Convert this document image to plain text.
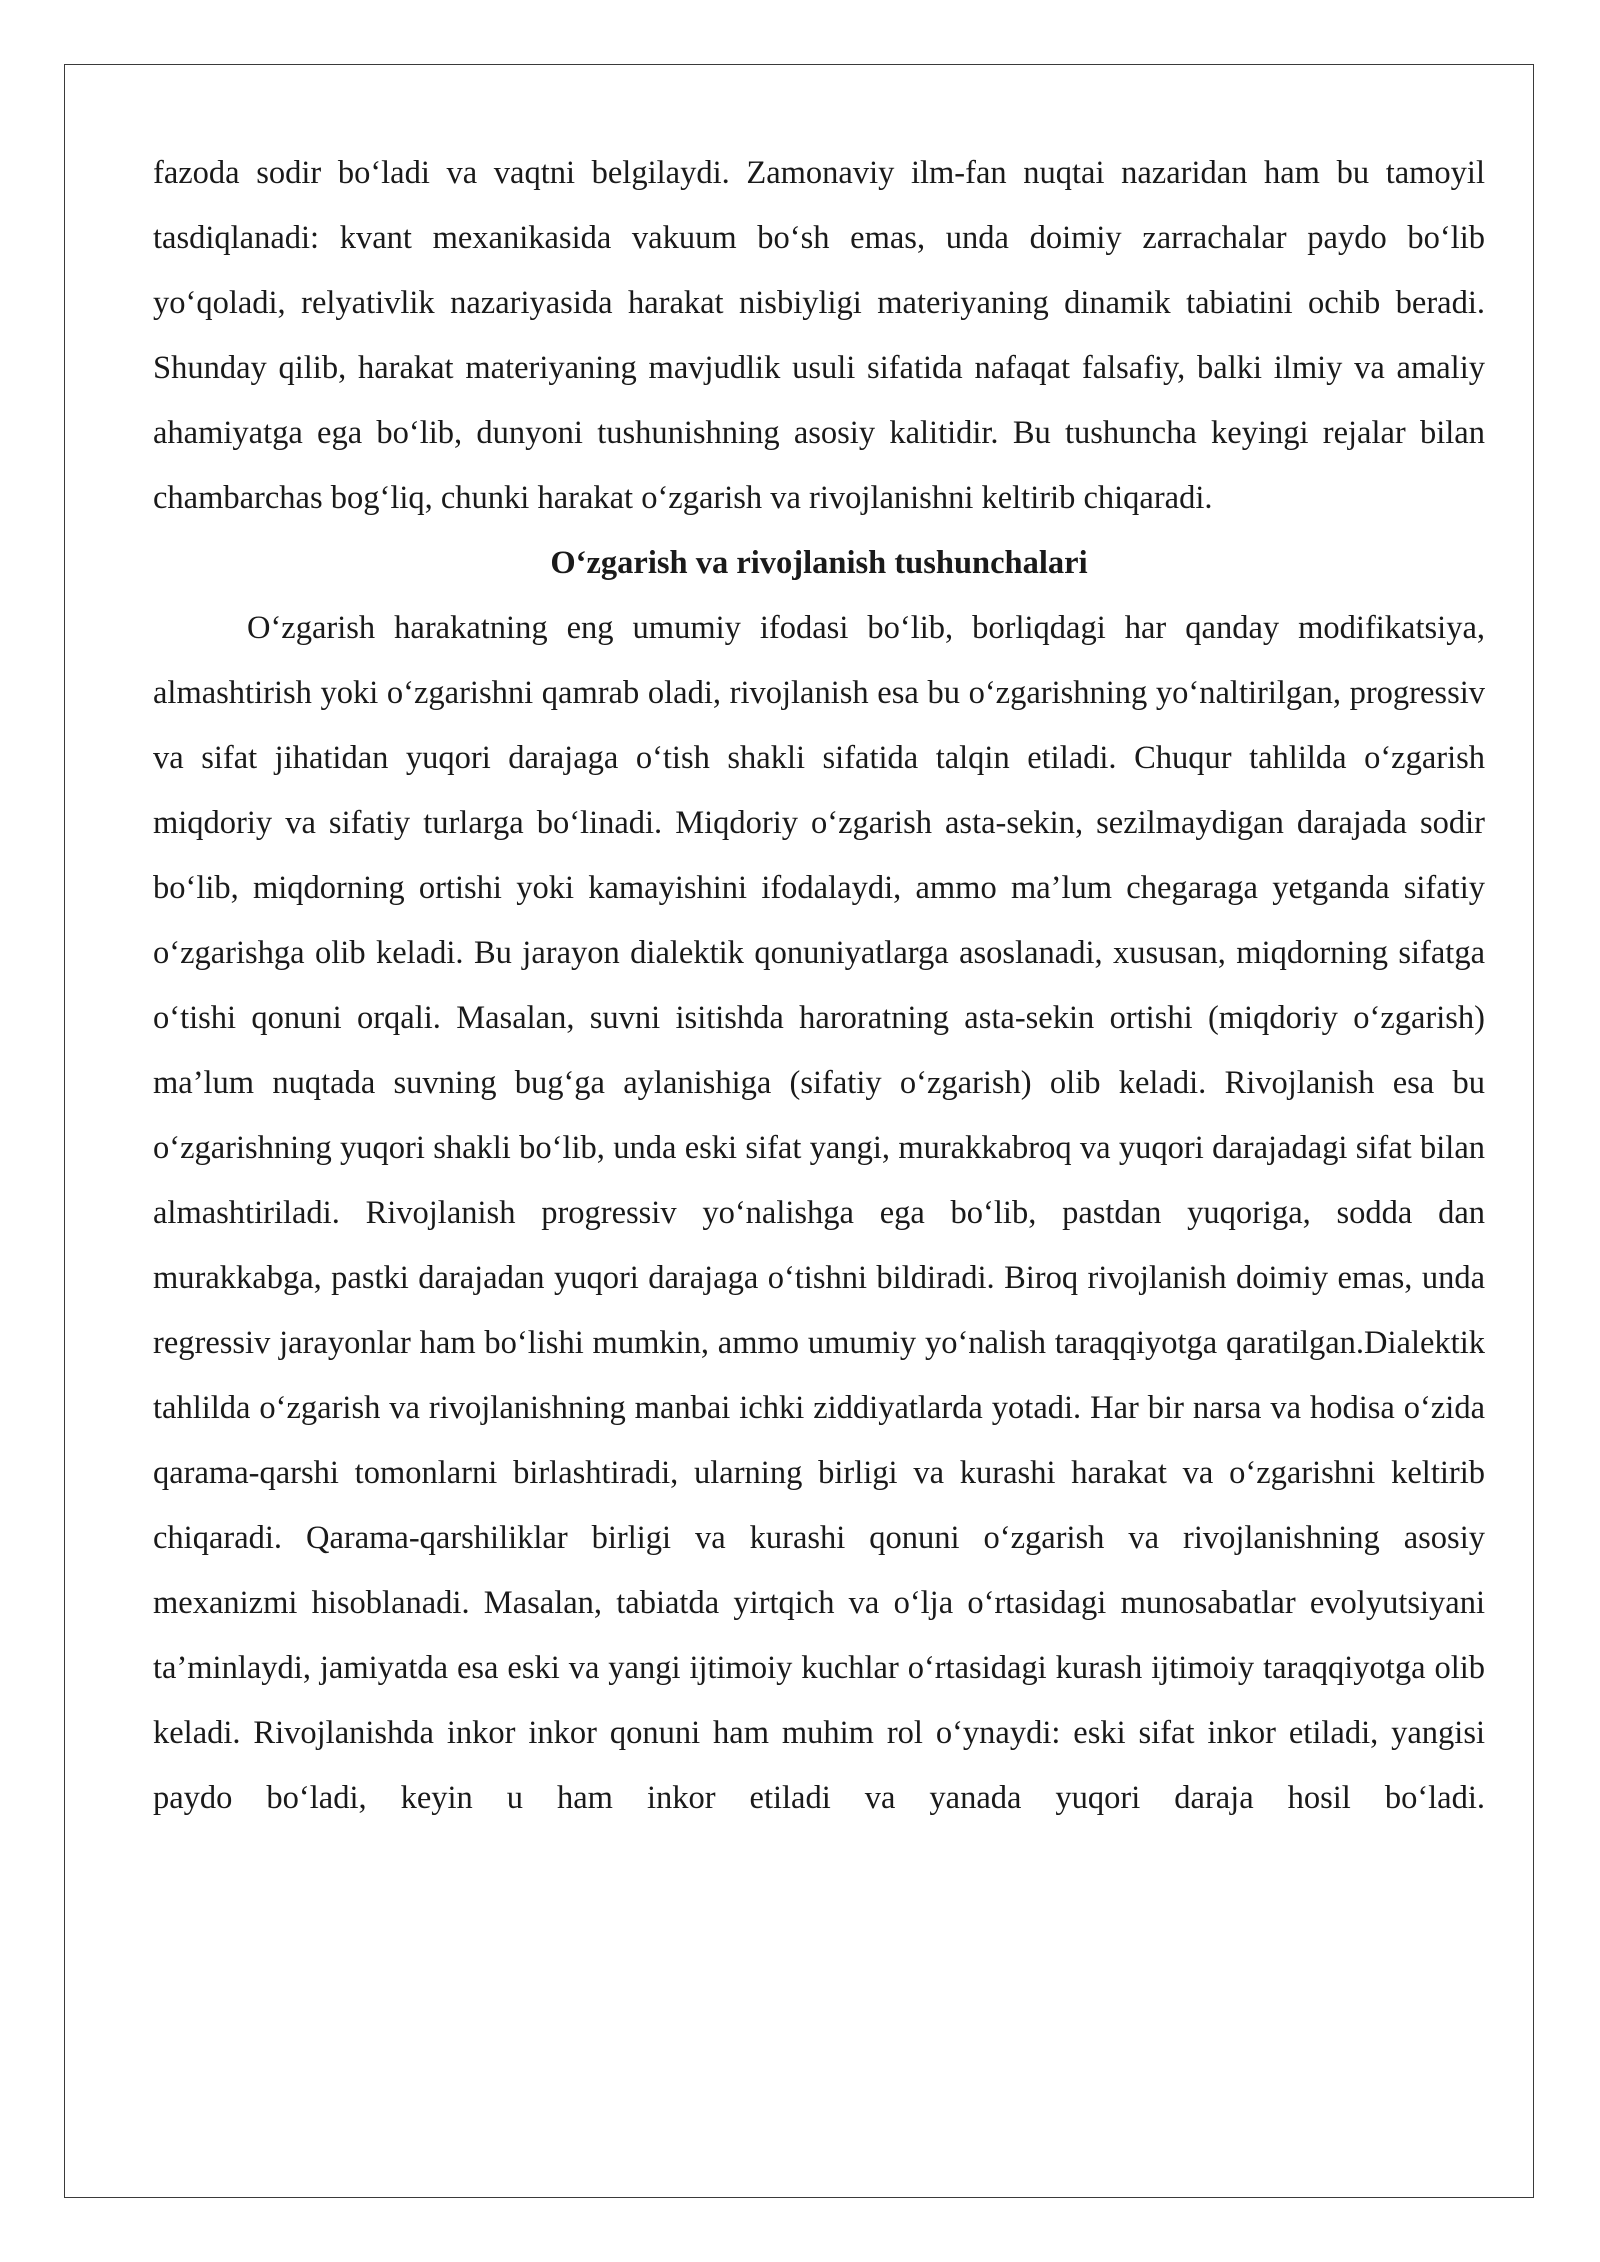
fazoda sodir bo‘ladi va vaqtni belgilaydi. Zamonaviy ilm-fan nuqtai nazaridan ham bu tamoyil tasdiqlanadi: kvant mexanikasida vakuum bo‘sh emas, unda doimiy zarrachalar paydo bo‘lib yo‘qoladi, relyativlik nazariyasida harakat nisbiyligi materiyaning dinamik tabiatini ochib beradi. Shunday qilib, harakat materiyaning mavjudlik usuli sifatida nafaqat falsafiy, balki ilmiy va amaliy ahamiyatga ega bo‘lib, dunyoni tushunishning asosiy kalitidir. Bu tushuncha keyingi rejalar bilan chambarchas bog‘liq, chunki harakat o‘zgarish va rivojlanishni keltirib chiqaradi.

O‘zgarish va rivojlanish tushunchalari

O‘zgarish harakatning eng umumiy ifodasi bo‘lib, borliqdagi har qanday modifikatsiya, almashtirish yoki o‘zgarishni qamrab oladi, rivojlanish esa bu o‘zgarishning yo‘naltirilgan, progressiv va sifat jihatidan yuqori darajaga o‘tish shakli sifatida talqin etiladi. Chuqur tahlilda o‘zgarish miqdoriy va sifatiy turlarga bo‘linadi. Miqdoriy o‘zgarish asta-sekin, sezilmaydigan darajada sodir bo‘lib, miqdorning ortishi yoki kamayishini ifodalaydi, ammo ma’lum chegaraga yetganda sifatiy o‘zgarishga olib keladi. Bu jarayon dialektik qonuniyatlarga asoslanadi, xususan, miqdorning sifatga o‘tishi qonuni orqali. Masalan, suvni isitishda haroratning asta-sekin ortishi (miqdoriy o‘zgarish) ma’lum nuqtada suvning bug‘ga aylanishiga (sifatiy o‘zgarish) olib keladi. Rivojlanish esa bu o‘zgarishning yuqori shakli bo‘lib, unda eski sifat yangi, murakkabroq va yuqori darajadagi sifat bilan almashtiriladi. Rivojlanish progressiv yo‘nalishga ega bo‘lib, pastdan yuqoriga, sodda dan murakkabga, pastki darajadan yuqori darajaga o‘tishni bildiradi. Biroq rivojlanish doimiy emas, unda regressiv jarayonlar ham bo‘lishi mumkin, ammo umumiy yo‘nalish taraqqiyotga qaratilgan.Dialektik tahlilda o‘zgarish va rivojlanishning manbai ichki ziddiyatlarda yotadi. Har bir narsa va hodisa o‘zida qarama-qarshi tomonlarni birlashtiradi, ularning birligi va kurashi harakat va o‘zgarishni keltirib chiqaradi. Qarama-qarshiliklar birligi va kurashi qonuni o‘zgarish va rivojlanishning asosiy mexanizmi hisoblanadi. Masalan, tabiatda yirtqich va o‘lja o‘rtasidagi munosabatlar evolyutsiyani ta’minlaydi, jamiyatda esa eski va yangi ijtimoiy kuchlar o‘rtasidagi kurash ijtimoiy taraqqiyotga olib keladi. Rivojlanishda inkor inkor qonuni ham muhim rol o‘ynaydi: eski sifat inkor etiladi, yangisi paydo bo‘ladi, keyin u ham inkor etiladi va yanada yuqori daraja hosil bo‘ladi.
